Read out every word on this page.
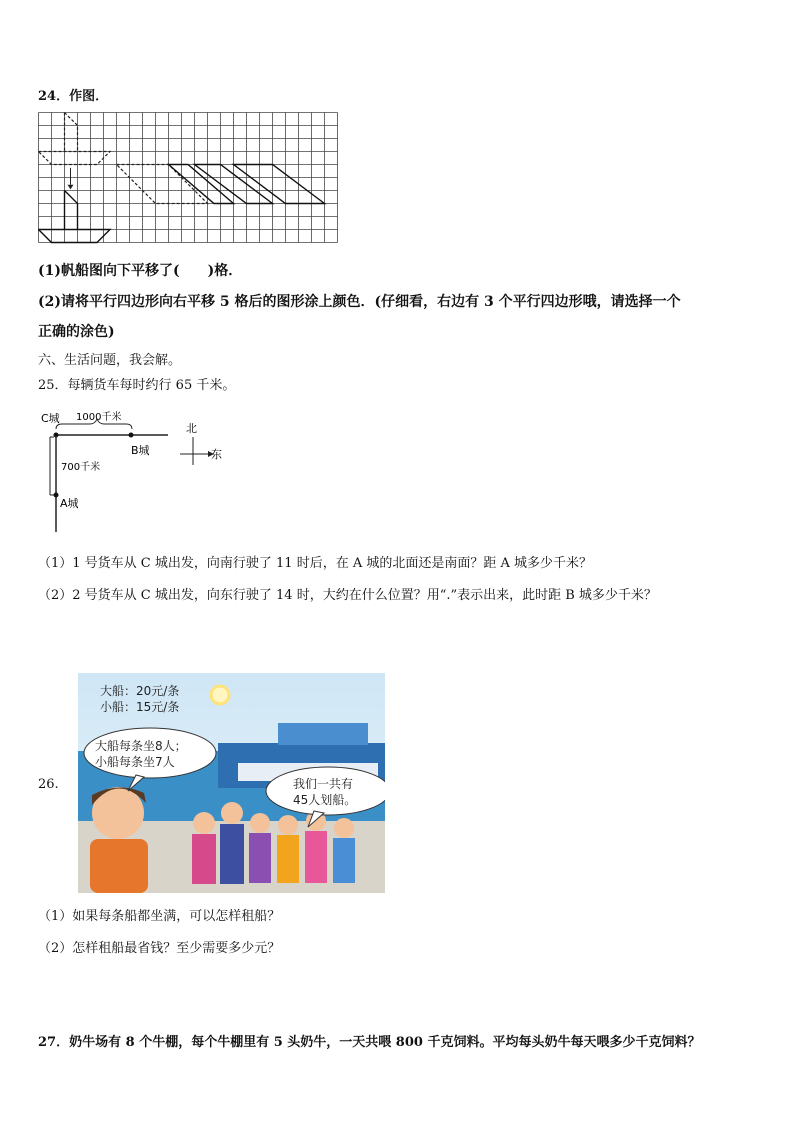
24．作图．
(1)帆船图向下平移了(　　)格．
(2)请将平行四边形向右平移 5 格后的图形涂上颜色．(仔细看，右边有 3 个平行四边形哦，请选择一个
正确的涂色)
六、生活问题，我会解。
25．每辆货车每时约行 65 千米。
C城 1000千米
B城
700千米
A城
北
东
（1）1 号货车从 C 城出发，向南行驶了 11 时后，在 A 城的北面还是南面？距 A 城多少千米？
（2）2 号货车从 C 城出发，向东行驶了 14 时，大约在什么位置？用“.”表示出来，此时距 B 城多少千米？
26.
大船：20元/条
小船：15元/条
大船每条坐8人；
小船每条坐7人
我们一共有
45人划船。
（1）如果每条船都坐满，可以怎样租船？
（2）怎样租船最省钱？至少需要多少元？
27．奶牛场有 8 个牛棚，每个牛棚里有 5 头奶牛，一天共喂 800 千克饲料。平均每头奶牛每天喂多少千克饲料？
